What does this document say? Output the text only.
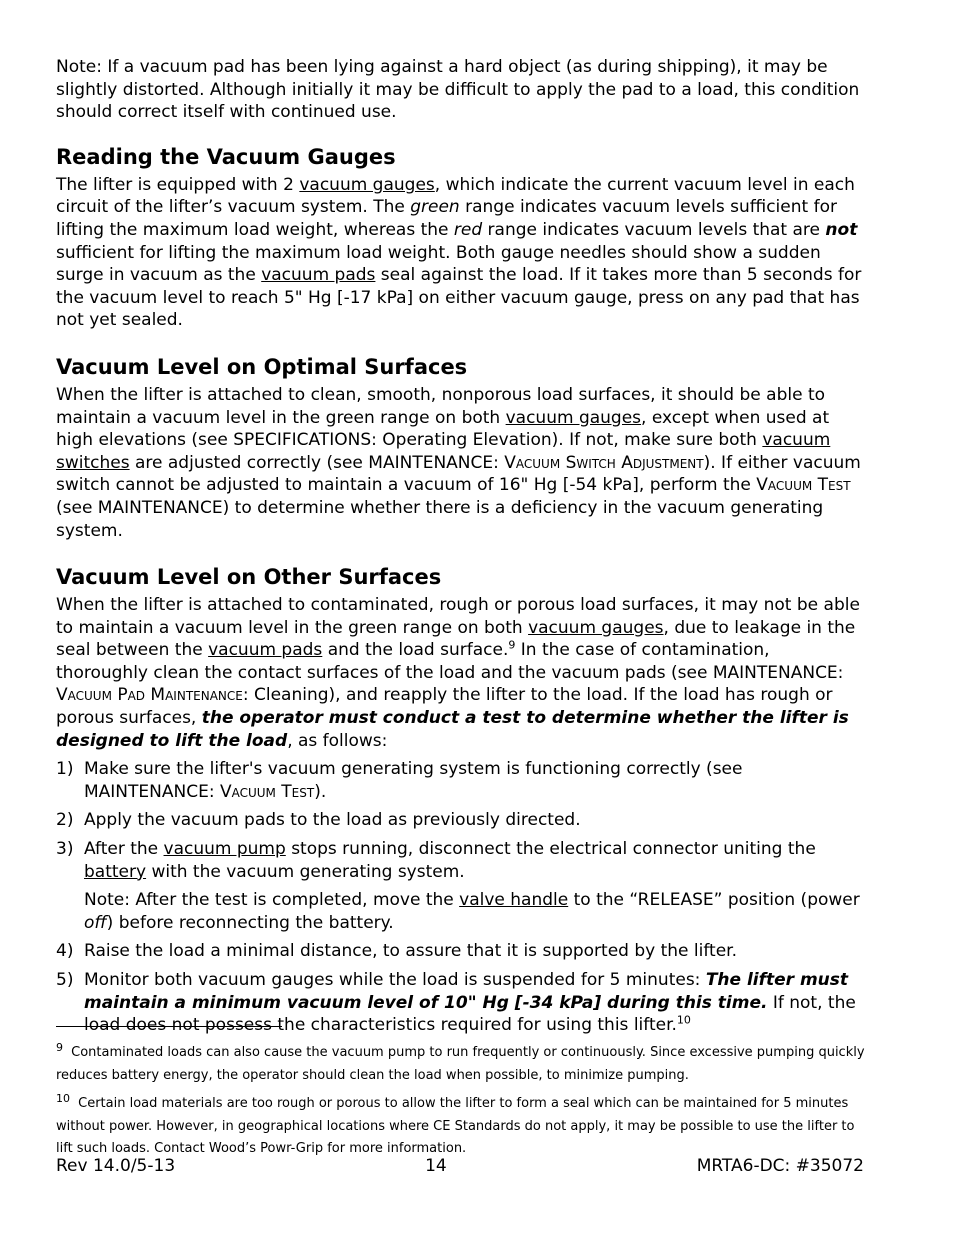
Note: If a vacuum pad has been lying against a hard object (as during shipping), it may be slightly distorted. Although initially it may be difficult to apply the pad to a load, this condition should correct itself with continued use.

Reading the Vacuum Gauges

The lifter is equipped with 2 vacuum gauges, which indicate the current vacuum level in each circuit of the lifter’s vacuum system. The green range indicates vacuum levels sufficient for lifting the maximum load weight, whereas the red range indicates vacuum levels that are not sufficient for lifting the maximum load weight. Both gauge needles should show a sudden surge in vacuum as the vacuum pads seal against the load. If it takes more than 5 seconds for the vacuum level to reach 5" Hg [-17 kPa] on either vacuum gauge, press on any pad that has not yet sealed.

Vacuum Level on Optimal Surfaces

When the lifter is attached to clean, smooth, nonporous load surfaces, it should be able to maintain a vacuum level in the green range on both vacuum gauges, except when used at high elevations (see SPECIFICATIONS: Operating Elevation). If not, make sure both vacuum switches are adjusted correctly (see MAINTENANCE: Vacuum Switch Adjustment). If either vacuum switch cannot be adjusted to maintain a vacuum of 16" Hg [-54 kPa], perform the Vacuum Test (see MAINTENANCE) to determine whether there is a deficiency in the vacuum generating system.

Vacuum Level on Other Surfaces

When the lifter is attached to contaminated, rough or porous load surfaces, it may not be able to maintain a vacuum level in the green range on both vacuum gauges, due to leakage in the seal between the vacuum pads and the load surface.$^9$ In the case of contamination, thoroughly clean the contact surfaces of the load and the vacuum pads (see MAINTENANCE: Vacuum Pad Maintenance: Cleaning), and reapply the lifter to the load. If the load has rough or porous surfaces, the operator must conduct a test to determine whether the lifter is designed to lift the load, as follows:

1) Make sure the lifter's vacuum generating system is functioning correctly (see MAINTENANCE: Vacuum Test).
2) Apply the vacuum pads to the load as previously directed.
3) After the vacuum pump stops running, disconnect the electrical connector uniting the battery with the vacuum generating system.

Note: After the test is completed, move the valve handle to the “RELEASE” position (power off) before reconnecting the battery.

4) Raise the load a minimal distance, to assure that it is supported by the lifter.
5) Monitor both vacuum gauges while the load is suspended for 5 minutes: The lifter must maintain a minimum vacuum level of 10" Hg [-34 kPa] during this time. If not, the load does not possess the characteristics required for using this lifter.$^{10}$

$^9$ Contaminated loads can also cause the vacuum pump to run frequently or continuously. Since excessive pumping quickly reduces battery energy, the operator should clean the load when possible, to minimize pumping.

$^{10}$ Certain load materials are too rough or porous to allow the lifter to form a seal which can be maintained for 5 minutes without power. However, in geographical locations where CE Standards do not apply, it may be possible to use the lifter to lift such loads. Contact Wood’s Powr-Grip for more information.

Rev 14.0/5-13	14	MRTA6-DC: #35072
